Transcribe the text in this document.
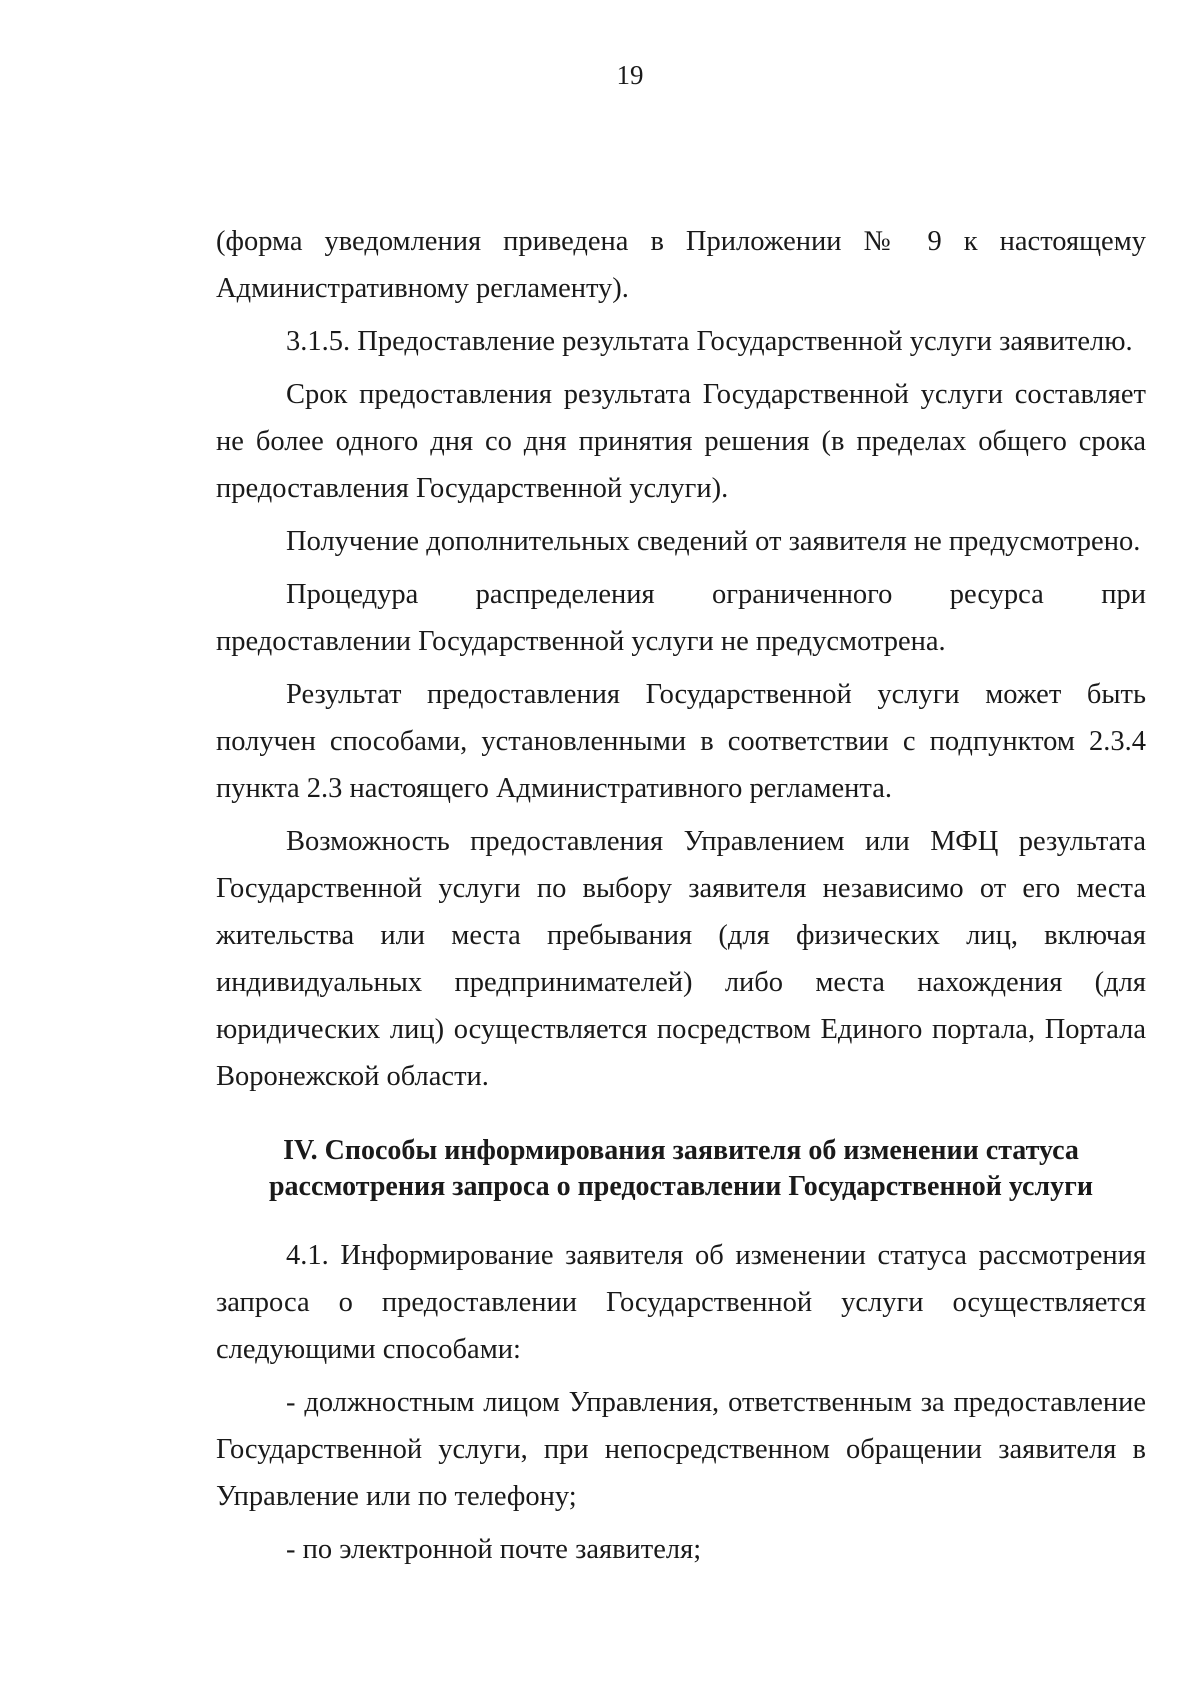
19

(форма уведомления приведена в Приложении № 9 к настоящему Административному регламенту).

3.1.5. Предоставление результата Государственной услуги заявителю.

Срок предоставления результата Государственной услуги составляет не более одного дня со дня принятия решения (в пределах общего срока предоставления Государственной услуги).

Получение дополнительных сведений от заявителя не предусмотрено.

Процедура распределения ограниченного ресурса при предоставлении Государственной услуги не предусмотрена.

Результат предоставления Государственной услуги может быть получен способами, установленными в соответствии с подпунктом 2.3.4 пункта 2.3 настоящего Административного регламента.

Возможность предоставления Управлением или МФЦ результата Государственной услуги по выбору заявителя независимо от его места жительства или места пребывания (для физических лиц, включая индивидуальных предпринимателей) либо места нахождения (для юридических лиц) осуществляется посредством Единого портала, Портала Воронежской области.

IV. Способы информирования заявителя об изменении статуса
рассмотрения запроса о предоставлении Государственной услуги

4.1. Информирование заявителя об изменении статуса рассмотрения запроса о предоставлении Государственной услуги осуществляется следующими способами:

- должностным лицом Управления, ответственным за предоставление Государственной услуги, при непосредственном обращении заявителя в Управление или по телефону;

- по электронной почте заявителя;
